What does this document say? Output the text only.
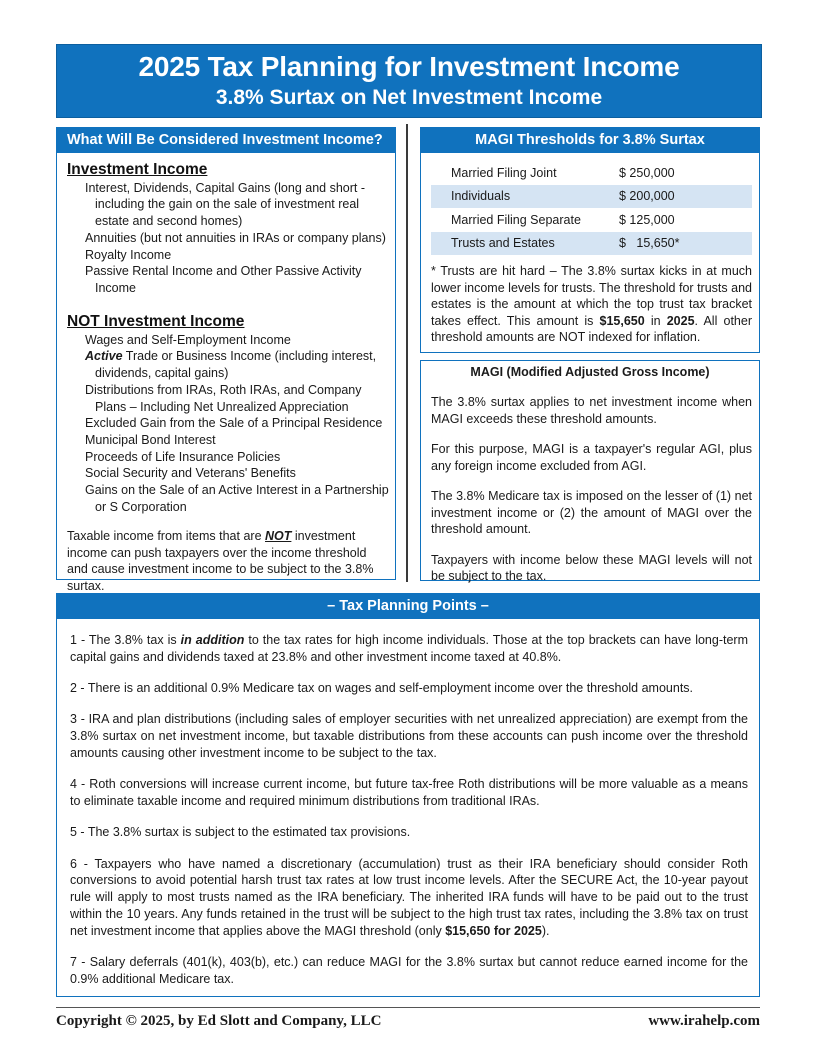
2025 Tax Planning for Investment Income
3.8% Surtax on Net Investment Income
What Will Be Considered Investment Income?
Investment Income
Interest, Dividends, Capital Gains (long and short - including the gain on the sale of investment real estate and second homes)
Annuities (but not annuities in IRAs or company plans)
Royalty Income
Passive Rental Income and Other Passive Activity Income
NOT Investment Income
Wages and Self-Employment Income
Active Trade or Business Income (including interest, dividends, capital gains)
Distributions from IRAs, Roth IRAs, and Company Plans – Including Net Unrealized Appreciation
Excluded Gain from the Sale of a Principal Residence
Municipal Bond Interest
Proceeds of Life Insurance Policies
Social Security and Veterans' Benefits
Gains on the Sale of an Active Interest in a Partnership or S Corporation
Taxable income from items that are NOT investment income can push taxpayers over the income threshold and cause investment income to be subject to the 3.8% surtax.
MAGI Thresholds for 3.8% Surtax
Married Filing Joint	$ 250,000
Individuals	$ 200,000
Married Filing Separate	$ 125,000
Trusts and Estates	$   15,650*
* Trusts are hit hard – The 3.8% surtax kicks in at much lower income levels for trusts. The threshold for trusts and estates is the amount at which the top trust tax bracket takes effect. This amount is $15,650 in 2025. All other threshold amounts are NOT indexed for inflation.
MAGI (Modified Adjusted Gross Income)

The 3.8% surtax applies to net investment income when MAGI exceeds these threshold amounts.

For this purpose, MAGI is a taxpayer's regular AGI, plus any foreign income excluded from AGI.

The 3.8% Medicare tax is imposed on the lesser of (1) net investment income or (2) the amount of MAGI over the threshold amount.

Taxpayers with income below these MAGI levels will not be subject to the tax.

– Tax Planning Points –

1 - The 3.8% tax is in addition to the tax rates for high income individuals. Those at the top brackets can have long-term capital gains and dividends taxed at 23.8% and other investment income taxed at 40.8%.

2 - There is an additional 0.9% Medicare tax on wages and self-employment income over the threshold amounts.

3 - IRA and plan distributions (including sales of employer securities with net unrealized appreciation) are exempt from the 3.8% surtax on net investment income, but taxable distributions from these accounts can push income over the threshold amounts causing other investment income to be subject to the tax.

4 - Roth conversions will increase current income, but future tax-free Roth distributions will be more valuable as a means to eliminate taxable income and required minimum distributions from traditional IRAs.

5 - The 3.8% surtax is subject to the estimated tax provisions.

6 - Taxpayers who have named a discretionary (accumulation) trust as their IRA beneficiary should consider Roth conversions to avoid potential harsh trust tax rates at low trust income levels. After the SECURE Act, the 10-year payout rule will apply to most trusts named as the IRA beneficiary. The inherited IRA funds will have to be paid out to the trust within the 10 years. Any funds retained in the trust will be subject to the high trust tax rates, including the 3.8% tax on trust net investment income that applies above the MAGI threshold (only $15,650 for 2025).

7 - Salary deferrals (401(k), 403(b), etc.) can reduce MAGI for the 3.8% surtax but cannot reduce earned income for the 0.9% additional Medicare tax.

Copyright © 2025, by Ed Slott and Company, LLC	www.irahelp.com
